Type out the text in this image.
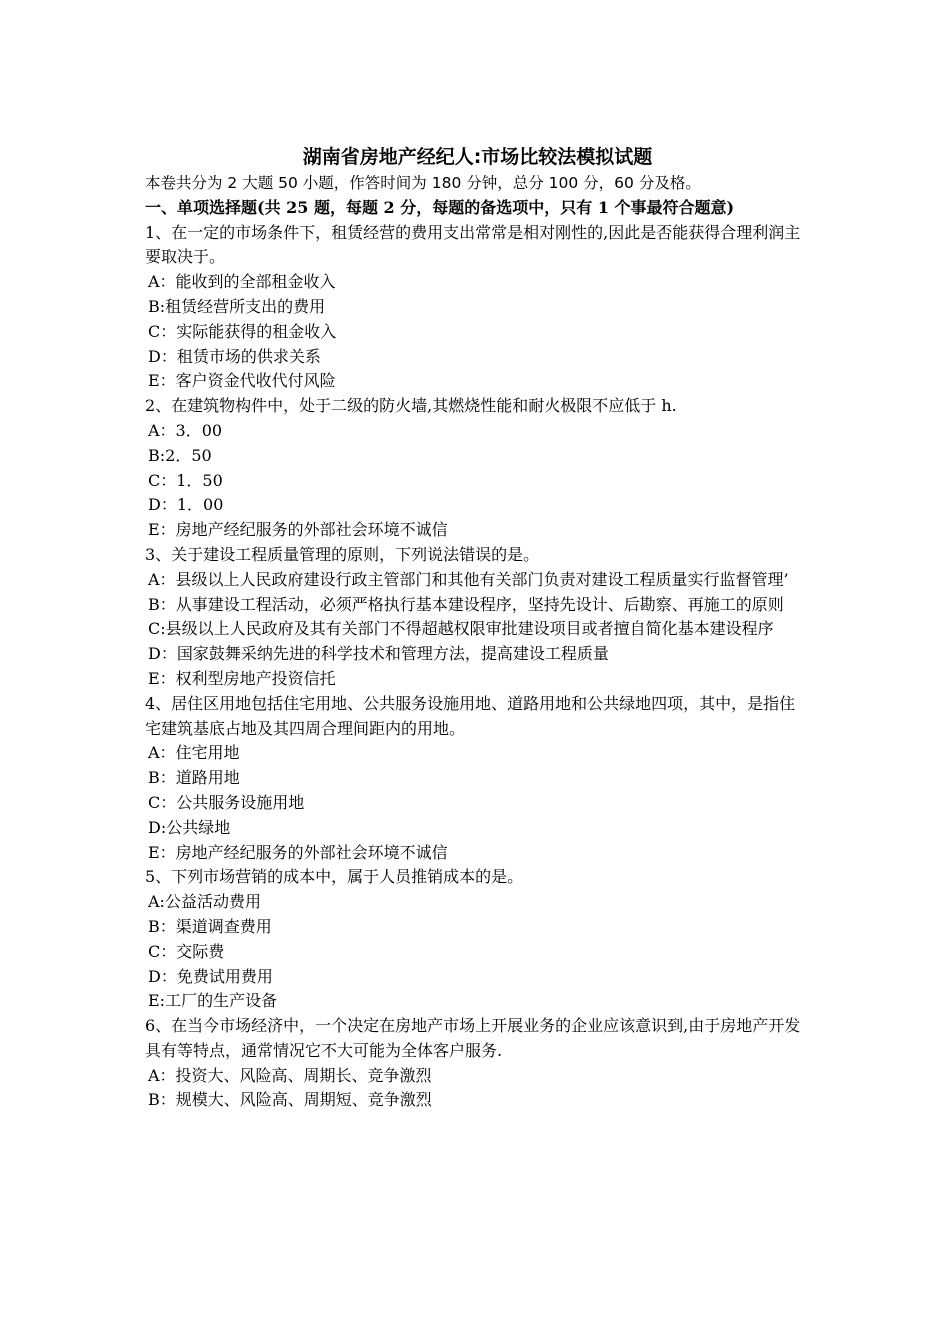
湖南省房地产经纪人:市场比较法模拟试题

本卷共分为 2 大题 50 小题，作答时间为 180 分钟，总分 100 分，60 分及格。

一、单项选择题(共 25 题，每题 2 分，每题的备选项中，只有 1 个事最符合题意)

1、在一定的市场条件下，租赁经营的费用支出常常是相对刚性的,因此是否能获得合理利润主要取决于。

A：能收到的全部租金收入

B:租赁经营所支出的费用

C：实际能获得的租金收入

D：租赁市场的供求关系

E：客户资金代收代付风险

2、在建筑物构件中，处于二级的防火墙,其燃烧性能和耐火极限不应低于 h.

A：3．00

B:2．50

C：1．50

D：1．00

E：房地产经纪服务的外部社会环境不诚信

3、关于建设工程质量管理的原则，下列说法错误的是。

A：县级以上人民政府建设行政主管部门和其他有关部门负责对建设工程质量实行监督管理’

B：从事建设工程活动，必须严格执行基本建设程序，坚持先设计、后勘察、再施工的原则

C:县级以上人民政府及其有关部门不得超越权限审批建设项目或者擅自简化基本建设程序

D：国家鼓舞采纳先进的科学技术和管理方法，提高建设工程质量

E：权利型房地产投资信托

4、居住区用地包括住宅用地、公共服务设施用地、道路用地和公共绿地四项，其中，是指住宅建筑基底占地及其四周合理间距内的用地。

A：住宅用地

B：道路用地

C：公共服务设施用地

D:公共绿地

E：房地产经纪服务的外部社会环境不诚信

5、下列市场营销的成本中，属于人员推销成本的是。

A:公益活动费用

B：渠道调查费用

C：交际费

D：免费试用费用

E:工厂的生产设备

6、在当今市场经济中，一个决定在房地产市场上开展业务的企业应该意识到,由于房地产开发具有等特点，通常情况它不大可能为全体客户服务.

A：投资大、风险高、周期长、竞争激烈

B：规模大、风险高、周期短、竞争激烈
